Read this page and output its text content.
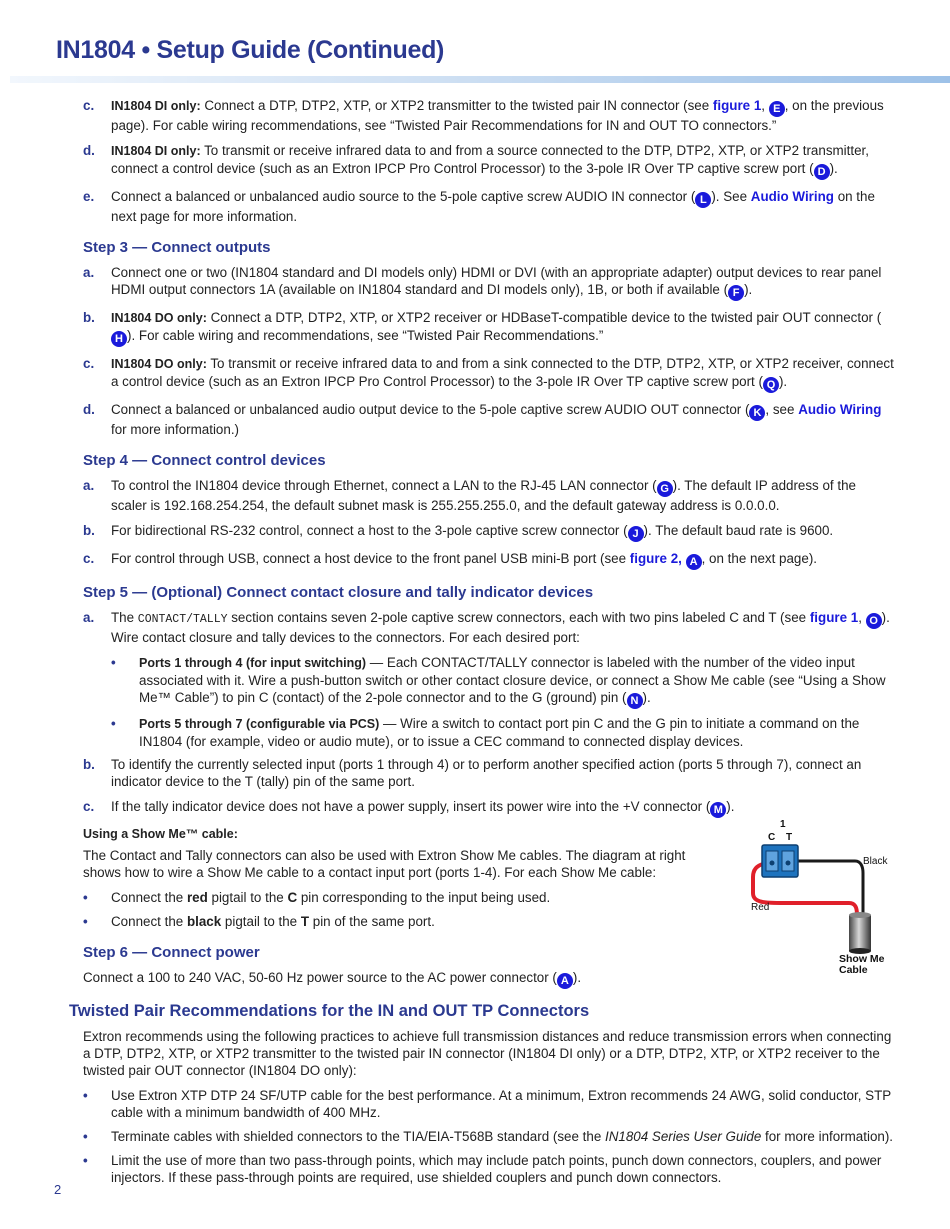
IN1804 • Setup Guide (Continued)
c. IN1804 DI only: Connect a DTP, DTP2, XTP, or XTP2 transmitter to the twisted pair IN connector (see figure 1, E , on the previous page). For cable wiring recommendations, see “Twisted Pair Recommendations for IN and OUT TO connectors.”
d. IN1804 DI only: To transmit or receive infrared data to and from a source connected to the DTP, DTP2, XTP, or XTP2 transmitter, connect a control device (such as an Extron IPCP Pro Control Processor) to the 3-pole IR Over TP captive screw port ( D ).
e. Connect a balanced or unbalanced audio source to the 5-pole captive screw AUDIO IN connector ( L ). See Audio Wiring on the next page for more information.
Step 3 — Connect outputs
a. Connect one or two (IN1804 standard and DI models only) HDMI or DVI (with an appropriate adapter) output devices to rear panel HDMI output connectors 1A (available on IN1804 standard and DI models only), 1B, or both if available ( F ).
b. IN1804 DO only: Connect a DTP, DTP2, XTP, or XTP2 receiver or HDBaseT-compatible device to the twisted pair OUT connector (H ). For cable wiring and recommendations, see “Twisted Pair Recommendations.”
c. IN1804 DO only: To transmit or receive infrared data to and from a sink connected to the DTP, DTP2, XTP, or XTP2 receiver, connect a control device (such as an Extron IPCP Pro Control Processor) to the 3-pole IR Over TP captive screw port ( Q ).
d. Connect a balanced or unbalanced audio output device to the 5-pole captive screw AUDIO OUT connector ( K , see Audio Wiring for more information.)
Step 4 — Connect control devices
a. To control the IN1804 device through Ethernet, connect a LAN to the RJ-45 LAN connector ( G ). The default IP address of the scaler is 192.168.254.254, the default subnet mask is 255.255.255.0, and the default gateway address is 0.0.0.0.
b. For bidirectional RS-232 control, connect a host to the 3-pole captive screw connector ( J ). The default baud rate is 9600.
c. For control through USB, connect a host device to the front panel USB mini-B port (see figure 2, A , on the next page).
Step 5 — (Optional) Connect contact closure and tally indicator devices
a. The CONTACT/TALLY section contains seven 2-pole captive screw connectors, each with two pins labeled C and T (see figure 1, O ). Wire contact closure and tally devices to the connectors. For each desired port:
• Ports 1 through 4 (for input switching) — Each CONTACT/TALLY connector is labeled with the number of the video input associated with it. Wire a push-button switch or other contact closure device, or connect a Show Me cable (see “Using a Show Me™ Cable”) to pin C (contact) of the 2-pole connector and to the G (ground) pin ( N ).
• Ports 5 through 7 (configurable via PCS) — Wire a switch to contact port pin C and the G pin to initiate a command on the IN1804 (for example, video or audio mute), or to issue a CEC command to connected display devices.
b. To identify the currently selected input (ports 1 through 4) or to perform another specified action (ports 5 through 7), connect an indicator device to the T (tally) pin of the same port.
c. If the tally indicator device does not have a power supply, insert its power wire into the +V connector ( M ).
Using a Show Me™ cable:
The Contact and Tally connectors can also be used with Extron Show Me cables. The diagram at right shows how to wire a Show Me cable to a contact input port (ports 1-4). For each Show Me cable:
• Connect the red pigtail to the C pin corresponding to the input being used.
• Connect the black pigtail to the T pin of the same port.
Step 6 — Connect power
Connect a 100 to 240 VAC, 50-60 Hz power source to the AC power connector ( A ).
Twisted Pair Recommendations for the IN and OUT TP Connectors
Extron recommends using the following practices to achieve full transmission distances and reduce transmission errors when connecting a DTP, DTP2, XTP, or XTP2 transmitter to the twisted pair IN connector (IN1804 DI only) or a DTP, DTP2, XTP, or XTP2 receiver to the twisted pair OUT connector (IN1804 DO only):
• Use Extron XTP DTP 24 SF/UTP cable for the best performance. At a minimum, Extron recommends 24 AWG, solid conductor, STP cable with a minimum bandwidth of 400 MHz.
• Terminate cables with shielded connectors to the TIA/EIA-T568B standard (see the IN1804 Series User Guide for more information).
• Limit the use of more than two pass-through points, which may include patch points, punch down connectors, couplers, and power injectors. If these pass-through points are required, use shielded couplers and punch down connectors.
1
C T
Black
Red
Show Me
Cable
2
